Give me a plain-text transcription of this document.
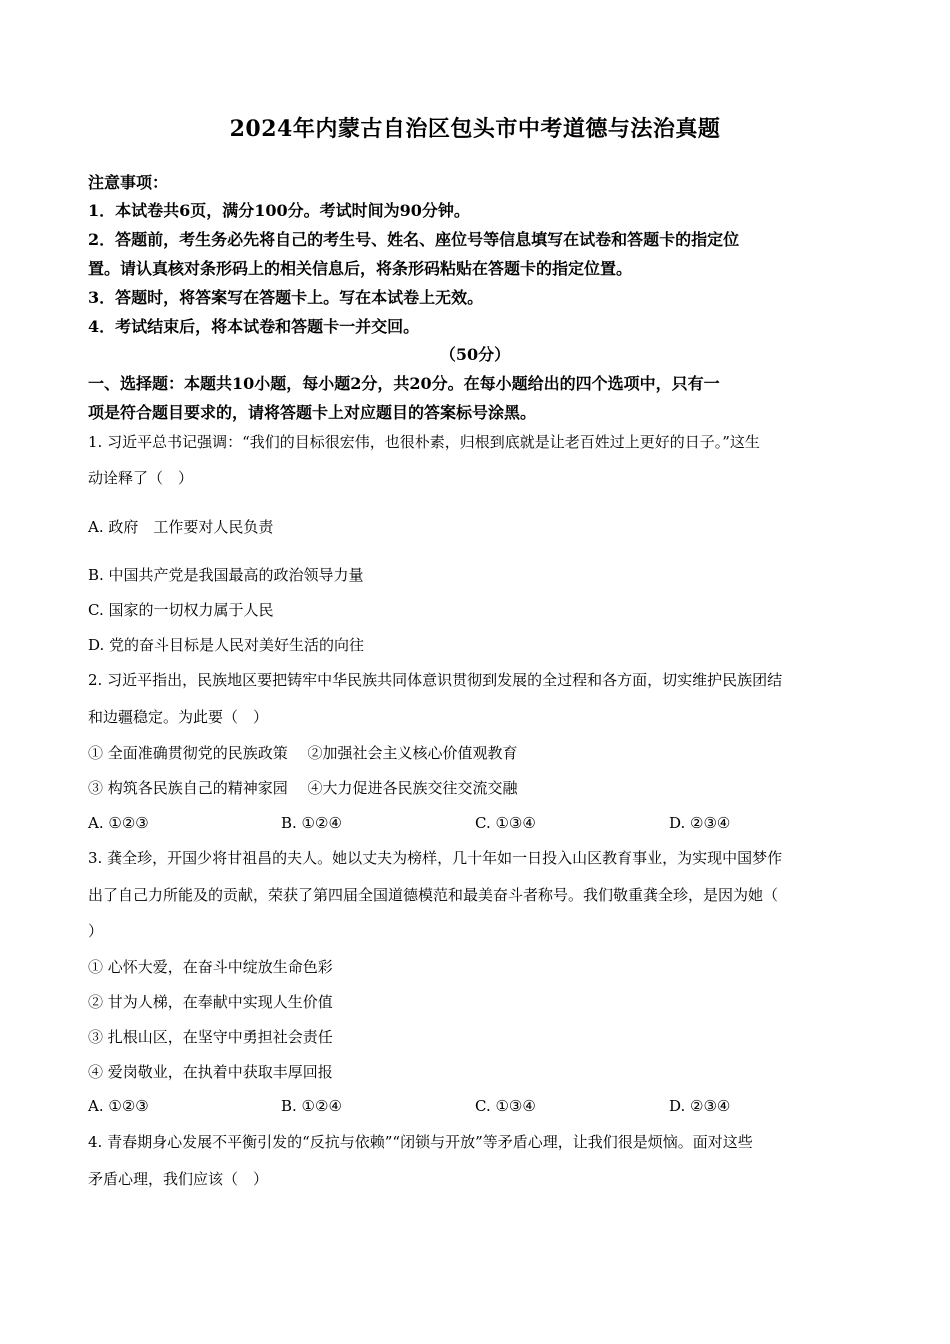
2024年内蒙古自治区包头市中考道德与法治真题
注意事项：
1．本试卷共6页，满分100分。考试时间为90分钟。
2．答题前，考生务必先将自己的考生号、姓名、座位号等信息填写在试卷和答题卡的指定位
置。请认真核对条形码上的相关信息后，将条形码粘贴在答题卡的指定位置。
3．答题时，将答案写在答题卡上。写在本试卷上无效。
4．考试结束后，将本试卷和答题卡一并交回。
（50分）
一、选择题：本题共10小题，每小题2分，共20分。在每小题给出的四个选项中，只有一
项是符合题目要求的，请将答题卡上对应题目的答案标号涂黑。
1. 习近平总书记强调：“我们的目标很宏伟，也很朴素，归根到底就是让老百姓过上更好的日子。”这生
动诠释了（　）
A. 政府　工作要对人民负责
B. 中国共产党是我国最高的政治领导力量
C. 国家的一切权力属于人民
D. 党的奋斗目标是人民对美好生活的向往
2. 习近平指出，民族地区要把铸牢中华民族共同体意识贯彻到发展的全过程和各方面，切实维护民族团结
和边疆稳定。为此要（　）
① 全面准确贯彻党的民族政策　 ②加强社会主义核心价值观教育
③ 构筑各民族自己的精神家园　 ④大力促进各民族交往交流交融
A. ①②③	B. ①②④	C. ①③④	D. ②③④
3. 龚全珍，开国少将甘祖昌的夫人。她以丈夫为榜样，几十年如一日投入山区教育事业，为实现中国梦作
出了自己力所能及的贡献，荣获了第四届全国道德模范和最美奋斗者称号。我们敬重龚全珍，是因为她（
）
① 心怀大爱，在奋斗中绽放生命色彩
② 甘为人梯，在奉献中实现人生价值
③ 扎根山区，在坚守中勇担社会责任
④ 爱岗敬业，在执着中获取丰厚回报
A. ①②③	B. ①②④	C. ①③④	D. ②③④
4. 青春期身心发展不平衡引发的“反抗与依赖”“闭锁与开放”等矛盾心理，让我们很是烦恼。面对这些
矛盾心理，我们应该（　）
